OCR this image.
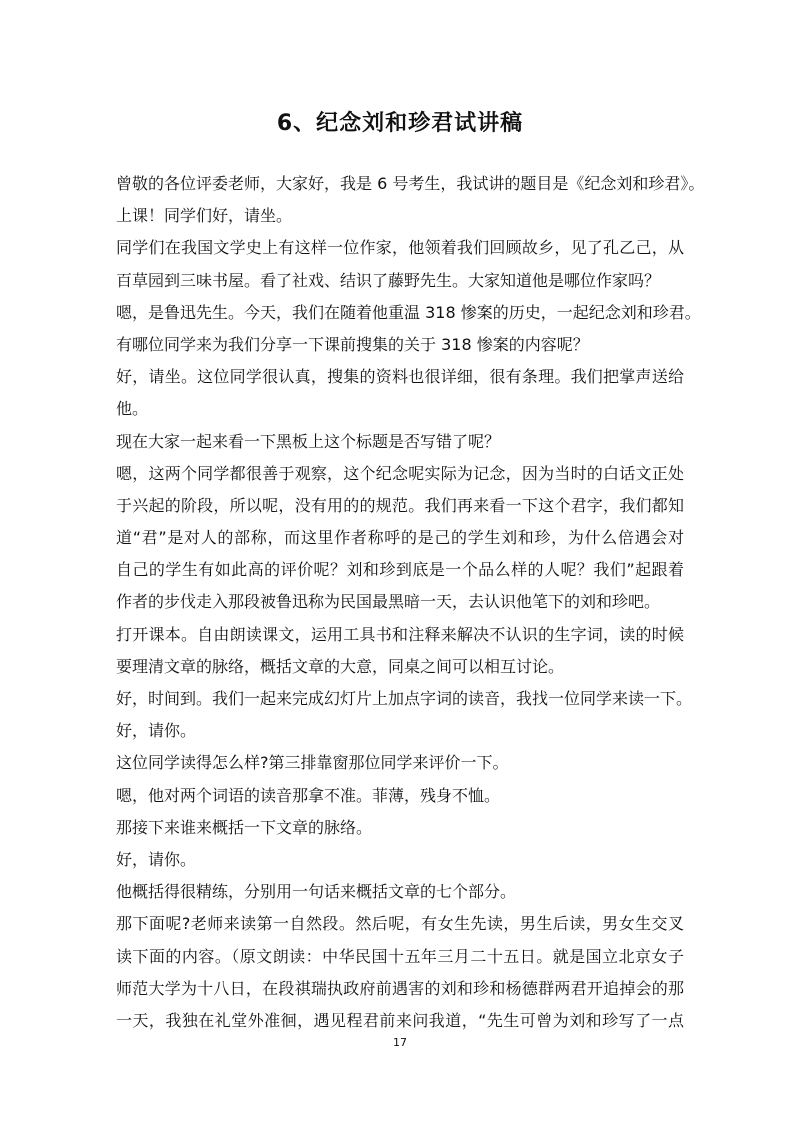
6、纪念刘和珍君试讲稿
曾敬的各位评委老师，大家好，我是 6 号考生，我试讲的题目是《纪念刘和珍君》。
上课！同学们好，请坐。
同学们在我国文学史上有这样一位作家，他领着我们回顾故乡，见了孔乙己，从
百草园到三味书屋。看了社戏、结识了藤野先生。大家知道他是哪位作家吗？
嗯，是鲁迅先生。今天，我们在随着他重温 318 惨案的历史，一起纪念刘和珍君。
有哪位同学来为我们分享一下课前搜集的关于 318 惨案的内容呢？
好，请坐。这位同学很认真，搜集的资料也很详细，很有条理。我们把掌声送给
他。
现在大家一起来看一下黑板上这个标题是否写错了呢？
嗯，这两个同学都很善于观察，这个纪念呢实际为记念，因为当时的白话文正处
于兴起的阶段，所以呢，没有用的的规范。我们再来看一下这个君字，我们都知
道“君”是对人的部称，而这里作者称呼的是己的学生刘和珍，为什么倍遇会对
自己的学生有如此高的评价呢？刘和珍到底是一个品么样的人呢？我们”起跟着
作者的步伐走入那段被鲁迅称为民国最黑暗一天，去认识他笔下的刘和珍吧。
打开课本。自由朗读课文，运用工具书和注释来解决不认识的生字词，读的时候
要理清文章的脉络，概括文章的大意，同桌之间可以相互讨论。
好，时间到。我们一起来完成幻灯片上加点字词的读音，我找一位同学来读一下。
好，请你。
这位同学读得怎么样?第三排靠窗那位同学来评价一下。
嗯，他对两个词语的读音那拿不准。菲薄，残身不恤。
那接下来谁来概括一下文章的脉络。
好，请你。
他概括得很精练，分别用一句话来概括文章的七个部分。
那下面呢?老师来读第一自然段。然后呢，有女生先读，男生后读，男女生交叉
读下面的内容。（原文朗读：中华民国十五年三月二十五日。就是国立北京女子
师范大学为十八日，在段祺瑞执政府前遇害的刘和珍和杨德群两君开追掉会的那
一天，我独在礼堂外准徊，遇见程君前来问我道，“先生可曾为刘和珍写了一点
17
